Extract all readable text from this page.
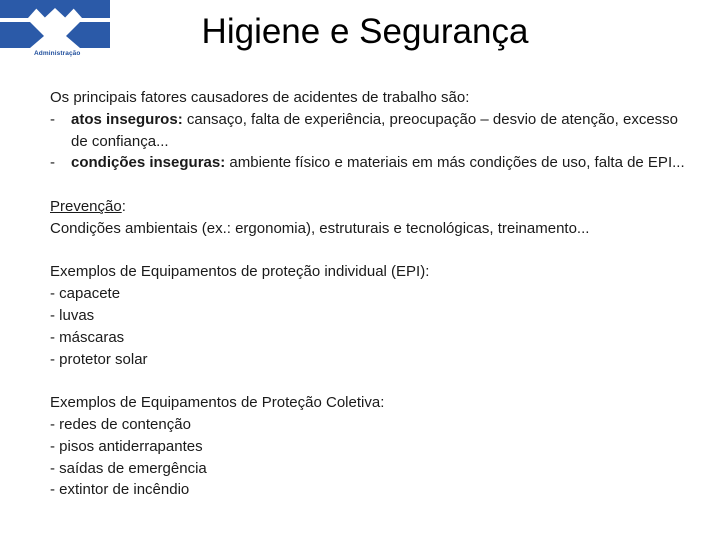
Administração
Higiene e Segurança

Os principais fatores causadores de acidentes de trabalho são:

- atos inseguros: cansaço, falta de experiência, preocupação – desvio de atenção, excesso de confiança...
- condições inseguras: ambiente físico e materiais em más condições de uso, falta de EPI...

Prevenção:

Condições ambientais (ex.: ergonomia), estruturais e tecnológicas, treinamento...

Exemplos de Equipamentos de proteção individual (EPI):

- capacete

- luvas

- máscaras

- protetor solar

Exemplos de Equipamentos de Proteção Coletiva:

- redes de contenção

- pisos antiderrapantes

- saídas de emergência

- extintor de incêndio
